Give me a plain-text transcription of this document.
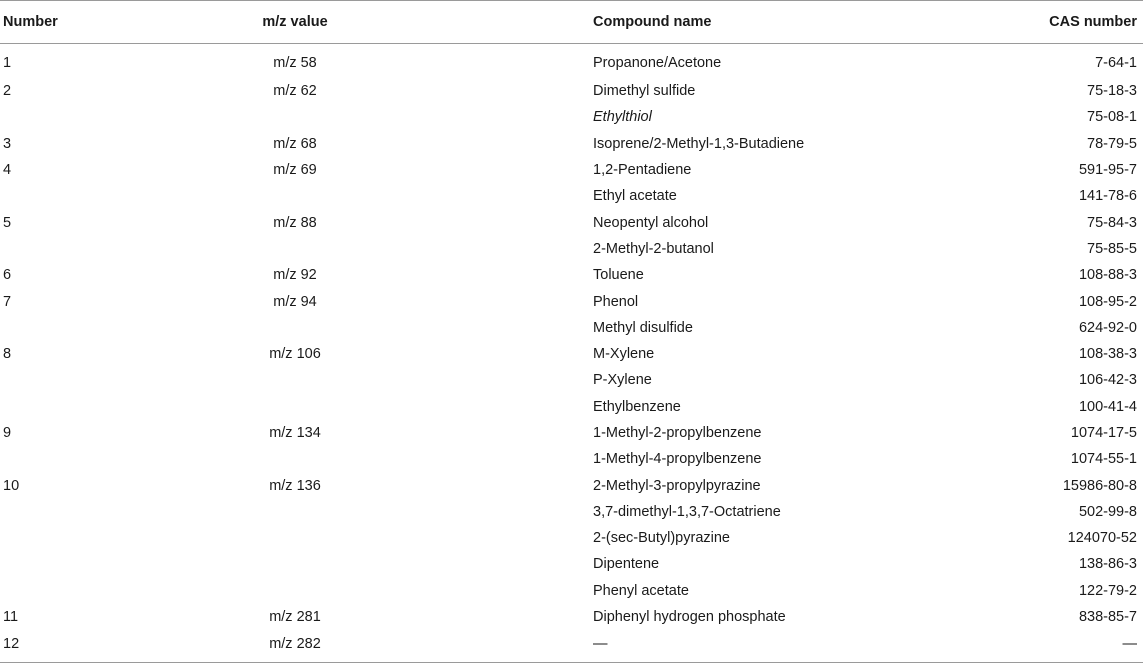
Number	m/z value	Compound name	CAS number
1	m/z 58	Propanone/Acetone	7-64-1
2	m/z 62	Dimethyl sulfide	75-18-3
		Ethylthiol	75-08-1
3	m/z 68	Isoprene/2-Methyl-1,3-Butadiene	78-79-5
4	m/z 69	1,2-Pentadiene	591-95-7
		Ethyl acetate	141-78-6
5	m/z 88	Neopentyl alcohol	75-84-3
		2-Methyl-2-butanol	75-85-5
6	m/z 92	Toluene	108-88-3
7	m/z 94	Phenol	108-95-2
		Methyl disulfide	624-92-0
8	m/z 106	M-Xylene	108-38-3
		P-Xylene	106-42-3
		Ethylbenzene	100-41-4
9	m/z 134	1-Methyl-2-propylbenzene	1074-17-5
		1-Methyl-4-propylbenzene	1074-55-1
10	m/z 136	2-Methyl-3-propylpyrazine	15986-80-8
		3,7-dimethyl-1,3,7-Octatriene	502-99-8
		2-(sec-Butyl)pyrazine	124070-52
		Dipentene	138-86-3
		Phenyl acetate	122-79-2
11	m/z 281	Diphenyl hydrogen phosphate	838-85-7
12	m/z 282	—	—
